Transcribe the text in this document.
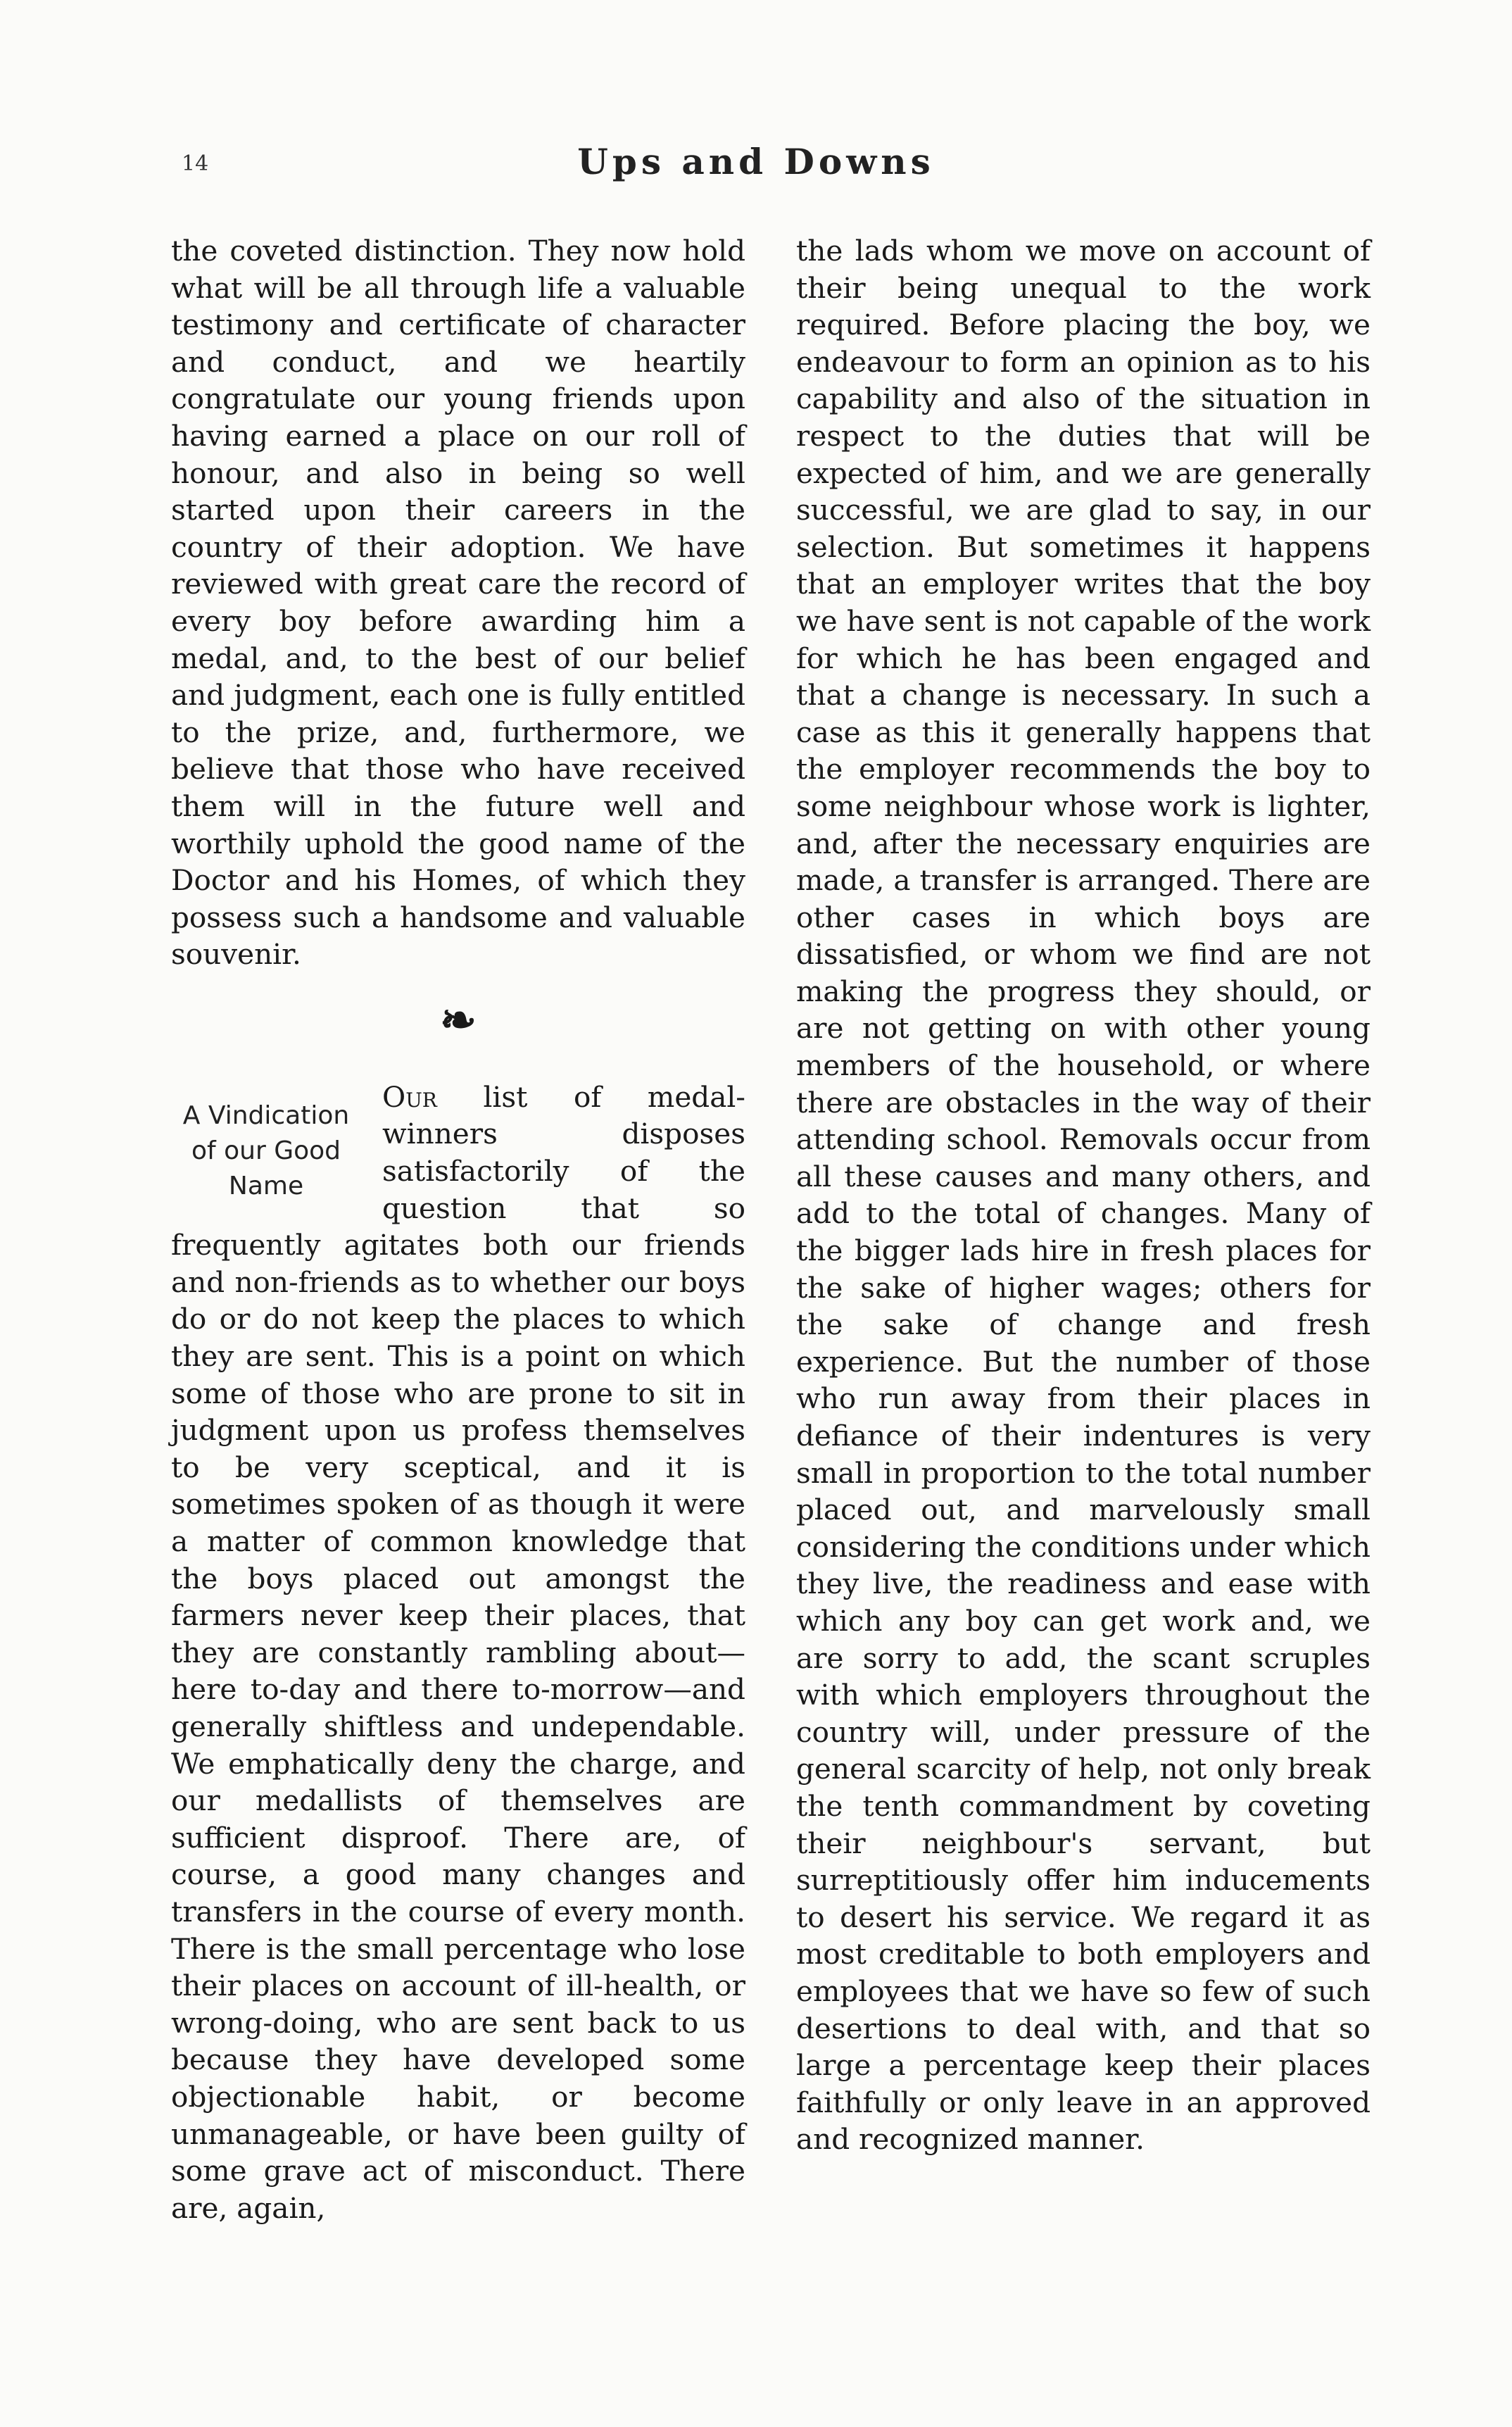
14	Ups and Downs

the coveted distinction. They now hold what will be all through life a valuable testimony and certificate of character and conduct, and we heartily congratulate our young friends upon having earned a place on our roll of honour, and also in being so well started upon their careers in the country of their adoption. We have reviewed with great care the record of every boy before awarding him a medal, and, to the best of our belief and judgment, each one is fully entitled to the prize, and, furthermore, we believe that those who have received them will in the future well and worthily uphold the good name of the Doctor and his Homes, of which they possess such a handsome and valuable souvenir.

❧
A Vindication of our Good Name

Our list of medal-winners disposes satisfactorily of the question that so frequently agitates both our friends and non-friends as to whether our boys do or do not keep the places to which they are sent. This is a point on which some of those who are prone to sit in judgment upon us profess themselves to be very sceptical, and it is sometimes spoken of as though it were a matter of common knowledge that the boys placed out amongst the farmers never keep their places, that they are constantly rambling about—here to-day and there to-morrow—and generally shiftless and undependable. We emphatically deny the charge, and our medallists of themselves are sufficient disproof. There are, of course, a good many changes and transfers in the course of every month. There is the small percentage who lose their places on account of ill-health, or wrong-doing, who are sent back to us because they have developed some objectionable habit, or become unmanageable, or have been guilty of some grave act of misconduct. There are, again,

the lads whom we move on account of their being unequal to the work required. Before placing the boy, we endeavour to form an opinion as to his capability and also of the situation in respect to the duties that will be expected of him, and we are generally successful, we are glad to say, in our selection. But sometimes it happens that an employer writes that the boy we have sent is not capable of the work for which he has been engaged and that a change is necessary. In such a case as this it generally happens that the employer recommends the boy to some neighbour whose work is lighter, and, after the necessary enquiries are made, a transfer is arranged. There are other cases in which boys are dissatisfied, or whom we find are not making the progress they should, or are not getting on with other young members of the household, or where there are obstacles in the way of their attending school. Removals occur from all these causes and many others, and add to the total of changes. Many of the bigger lads hire in fresh places for the sake of higher wages; others for the sake of change and fresh experience. But the number of those who run away from their places in defiance of their indentures is very small in proportion to the total number placed out, and marvelously small considering the conditions under which they live, the readiness and ease with which any boy can get work and, we are sorry to add, the scant scruples with which employers throughout the country will, under pressure of the general scarcity of help, not only break the tenth commandment by coveting their neighbour's servant, but surreptitiously offer him inducements to desert his service. We regard it as most creditable to both employers and employees that we have so few of such desertions to deal with, and that so large a percentage keep their places faithfully or only leave in an approved and recognized manner.
